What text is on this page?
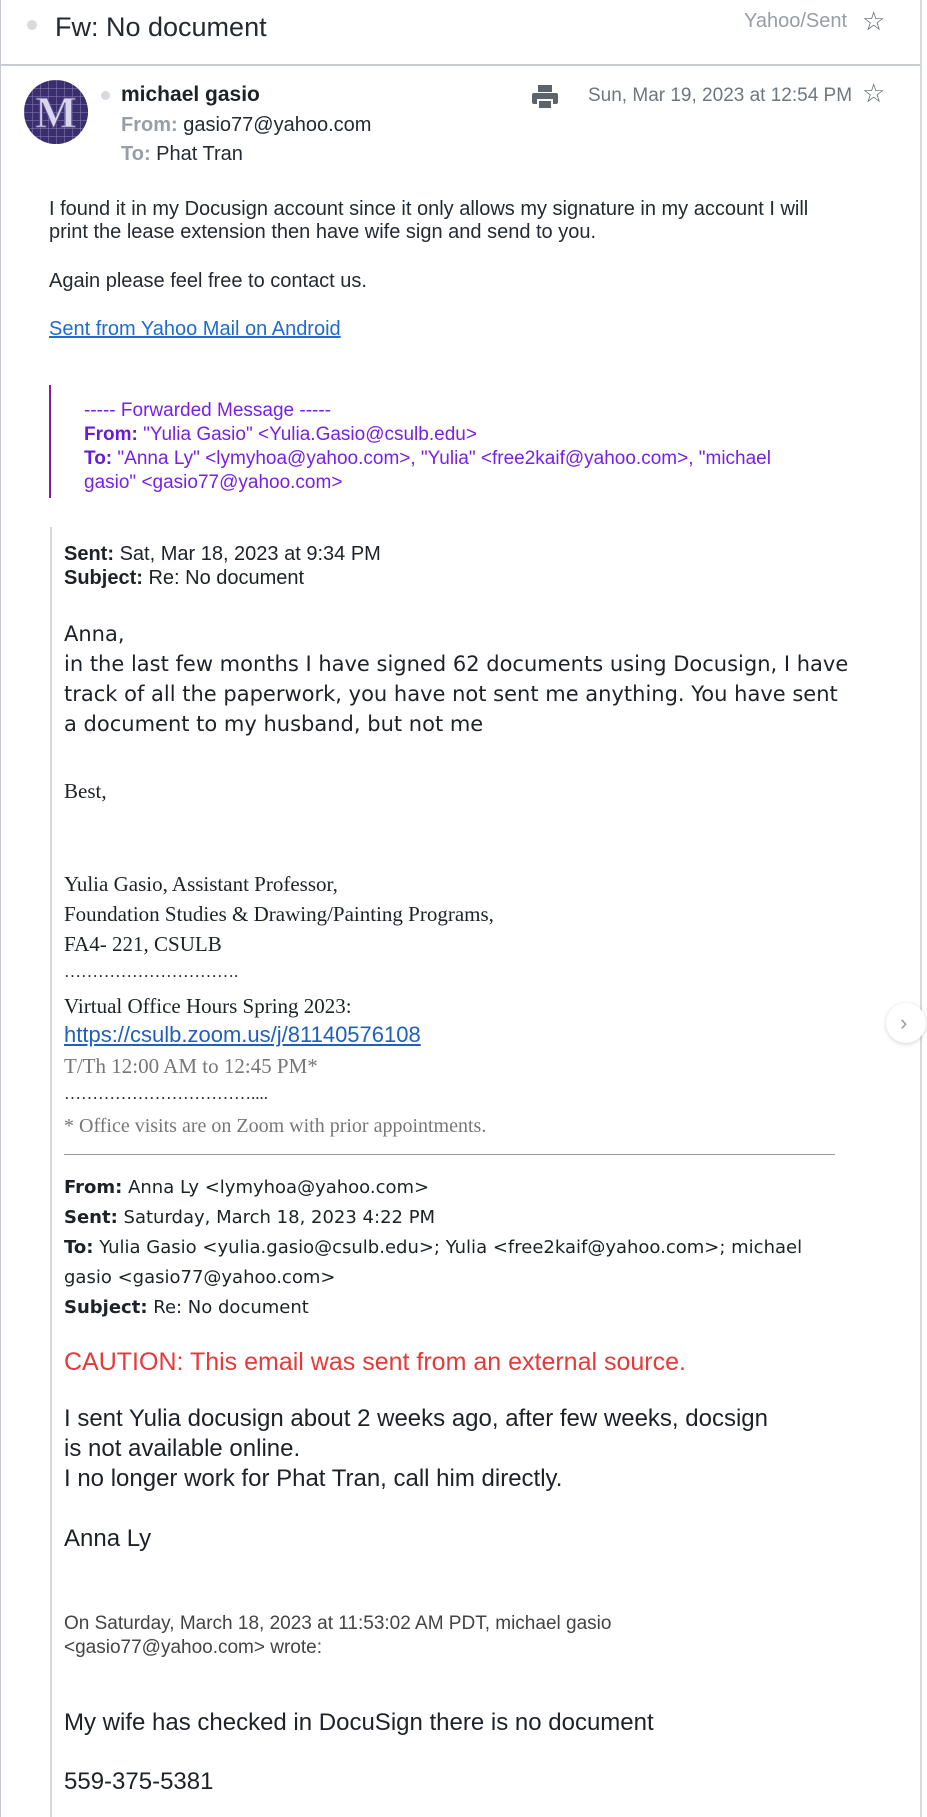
Fw: No document	Yahoo/Sent ☆
M michael gasio
From: gasio77@yahoo.com
To: Phat Tran
Sun, Mar 19, 2023 at 12:54 PM ☆
I found it in my Docusign account since it only allows my signature in my account I will
print the lease extension then have wife sign and send to you.
Again please feel free to contact us.
Sent from Yahoo Mail on Android
----- Forwarded Message -----
From: "Yulia Gasio" <Yulia.Gasio@csulb.edu>
To: "Anna Ly" <lymyhoa@yahoo.com>, "Yulia" <free2kaif@yahoo.com>, "michael
gasio" <gasio77@yahoo.com>
Sent: Sat, Mar 18, 2023 at 9:34 PM
Subject: Re: No document
Anna,
in the last few months I have signed 62 documents using Docusign, I have
track of all the paperwork, you have not sent me anything. You have sent
a document to my husband, but not me
Best,
Yulia Gasio, Assistant Professor,
Foundation Studies & Drawing/Painting Programs,
FA4- 221, CSULB
………………………….
Virtual Office Hours Spring 2023:
https://csulb.zoom.us/j/81140576108
T/Th 12:00 AM to 12:45 PM*
……………………………....
* Office visits are on Zoom with prior appointments.
From: Anna Ly <lymyhoa@yahoo.com>
Sent: Saturday, March 18, 2023 4:22 PM
To: Yulia Gasio <yulia.gasio@csulb.edu>; Yulia <free2kaif@yahoo.com>; michael
gasio <gasio77@yahoo.com>
Subject: Re: No document
CAUTION: This email was sent from an external source.
I sent Yulia docusign about 2 weeks ago, after few weeks, docsign
is not available online.
I no longer work for Phat Tran, call him directly.
Anna Ly
On Saturday, March 18, 2023 at 11:53:02 AM PDT, michael gasio
<gasio77@yahoo.com> wrote:
My wife has checked in DocuSign there is no document
559-375-5381
›
